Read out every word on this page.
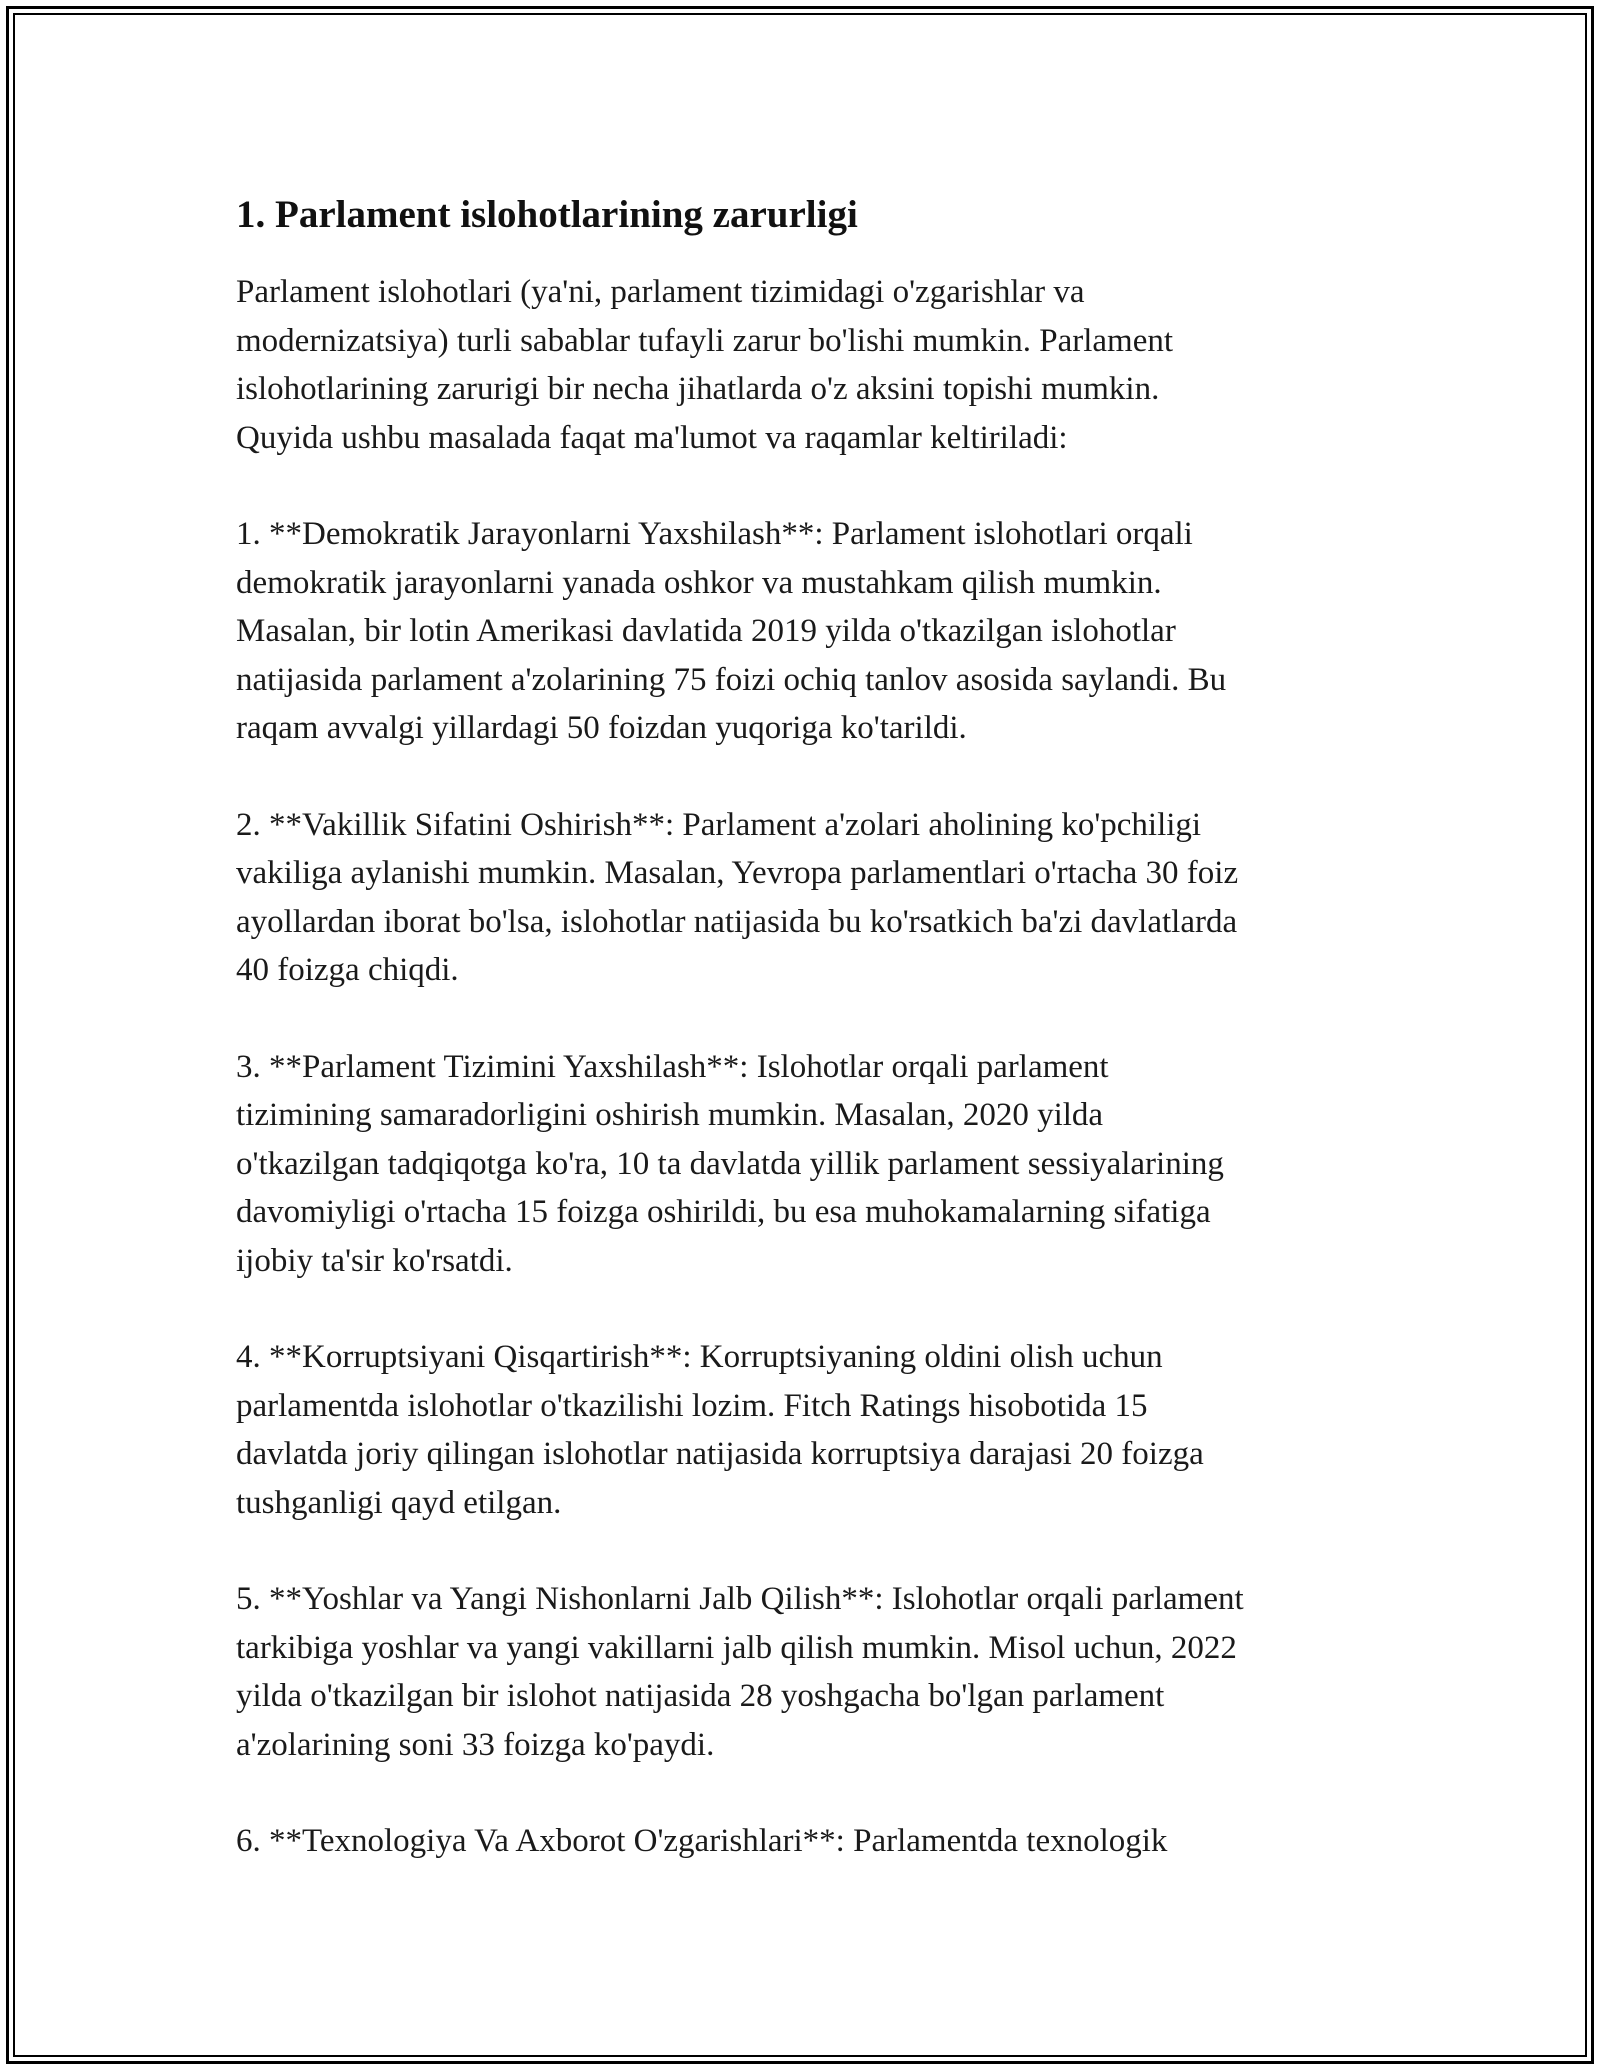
1. Parlament islohotlarining zarurligi

Parlament islohotlari (ya'ni, parlament tizimidagi o'zgarishlar va
modernizatsiya) turli sabablar tufayli zarur bo'lishi mumkin. Parlament
islohotlarining zarurigi bir necha jihatlarda o'z aksini topishi mumkin.
Quyida ushbu masalada faqat ma'lumot va raqamlar keltiriladi:

1. **Demokratik Jarayonlarni Yaxshilash**: Parlament islohotlari orqali
demokratik jarayonlarni yanada oshkor va mustahkam qilish mumkin.
Masalan, bir lotin Amerikasi davlatida 2019 yilda o'tkazilgan islohotlar
natijasida parlament a'zolarining 75 foizi ochiq tanlov asosida saylandi. Bu
raqam avvalgi yillardagi 50 foizdan yuqoriga ko'tarildi.

2. **Vakillik Sifatini Oshirish**: Parlament a'zolari aholining ko'pchiligi
vakiliga aylanishi mumkin. Masalan, Yevropa parlamentlari o'rtacha 30 foiz
ayollardan iborat bo'lsa, islohotlar natijasida bu ko'rsatkich ba'zi davlatlarda
40 foizga chiqdi.

3. **Parlament Tizimini Yaxshilash**: Islohotlar orqali parlament
tizimining samaradorligini oshirish mumkin. Masalan, 2020 yilda
o'tkazilgan tadqiqotga ko'ra, 10 ta davlatda yillik parlament sessiyalarining
davomiyligi o'rtacha 15 foizga oshirildi, bu esa muhokamalarning sifatiga
ijobiy ta'sir ko'rsatdi.

4. **Korruptsiyani Qisqartirish**: Korruptsiyaning oldini olish uchun
parlamentda islohotlar o'tkazilishi lozim. Fitch Ratings hisobotida 15
davlatda joriy qilingan islohotlar natijasida korruptsiya darajasi 20 foizga
tushganligi qayd etilgan.

5. **Yoshlar va Yangi Nishonlarni Jalb Qilish**: Islohotlar orqali parlament
tarkibiga yoshlar va yangi vakillarni jalb qilish mumkin. Misol uchun, 2022
yilda o'tkazilgan bir islohot natijasida 28 yoshgacha bo'lgan parlament
a'zolarining soni 33 foizga ko'paydi.

6. **Texnologiya Va Axborot O'zgarishlari**: Parlamentda texnologik
